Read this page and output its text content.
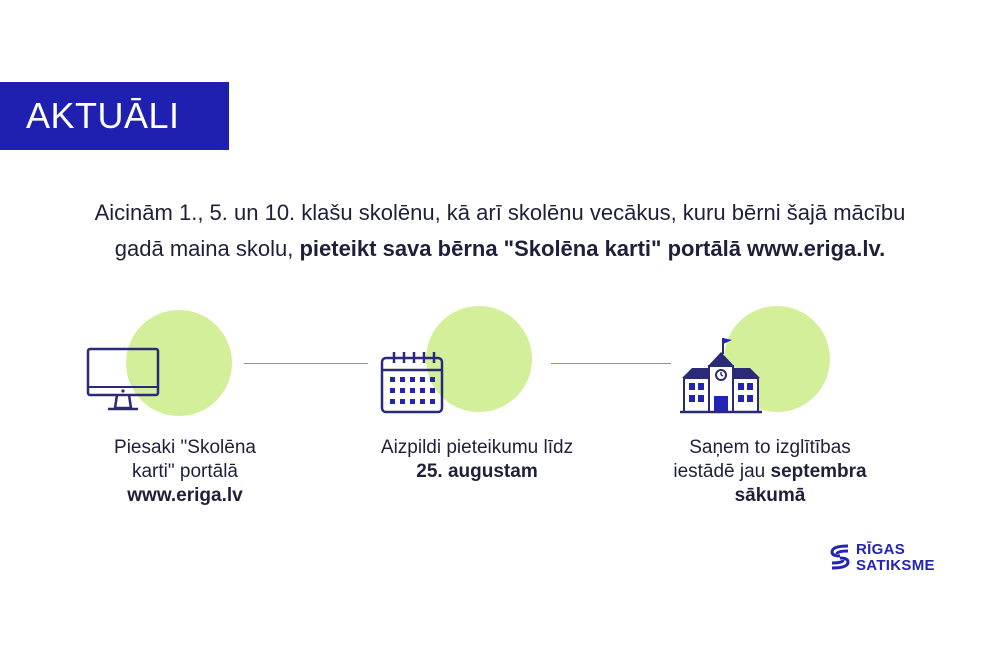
AKTUĀLI
Aicinām 1., 5. un 10. klašu skolēnu, kā arī skolēnu vecākus, kuru bērni šajā mācību
gadā maina skolu, pieteikt sava bērna "Skolēna karti" portālā www.eriga.lv.
Piesaki "Skolēna
karti" portālā
www.eriga.lv
Aizpildi pieteikumu līdz
25. augustam
Saņem to izglītības
iestādē jau septembra
sākumā
RĪGAS
SATIKSME
